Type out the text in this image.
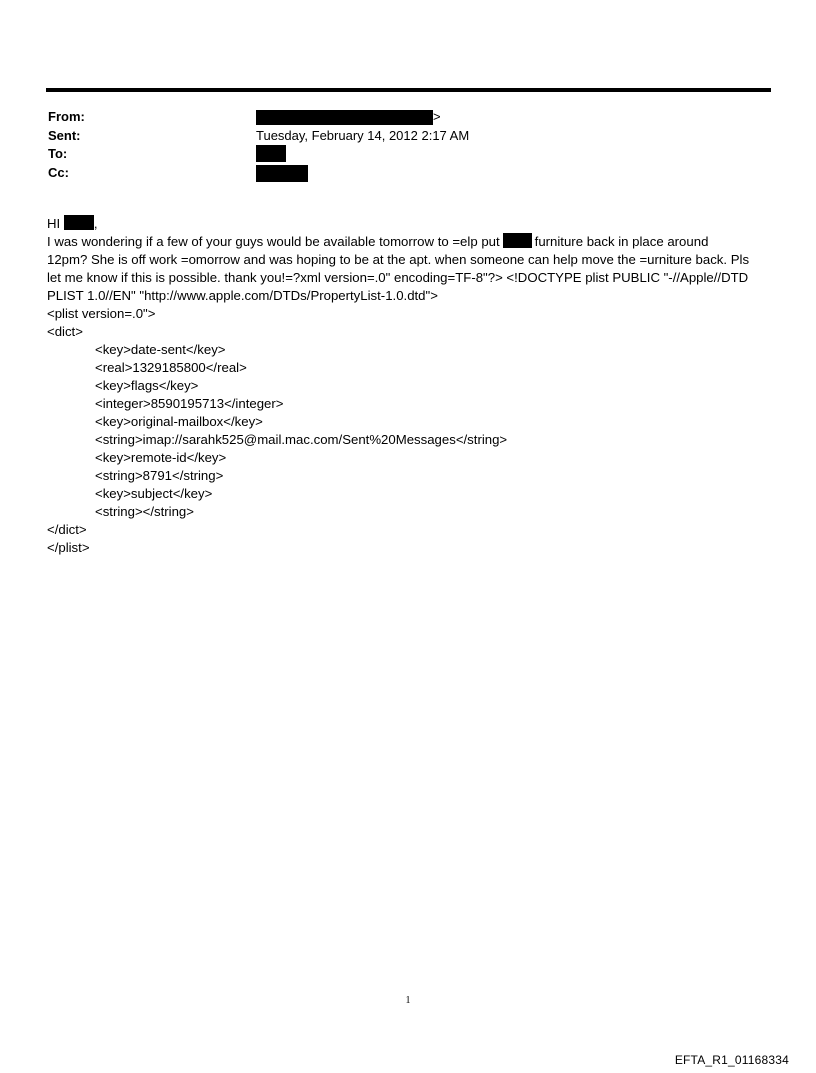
From:	>
Sent:	Tuesday, February 14, 2012 2:17 AM
To:
Cc:
HI	,
I was wondering if a few of your guys would be available tomorrow to =elp put	furniture back in place around
12pm? She is off work =omorrow and was hoping to be at the apt. when someone can help move the =urniture back. Pls
let me know if this is possible. thank you!=?xml version=.0" encoding=TF-8"?> <!DOCTYPE plist PUBLIC "-//Apple//DTD
PLIST 1.0//EN" "http://www.apple.com/DTDs/PropertyList-1.0.dtd">
<plist version=.0">
<dict>
<key>date-sent</key>
<real>1329185800</real>
<key>flags</key>
<integer>8590195713</integer>
<key>original-mailbox</key>
<string>imap://sarahk525@mail.mac.com/Sent%20Messages</string>
<key>remote-id</key>
<string>8791</string>
<key>subject</key>
<string></string>
</dict>
</plist>
1
EFTA_R1_01168334
